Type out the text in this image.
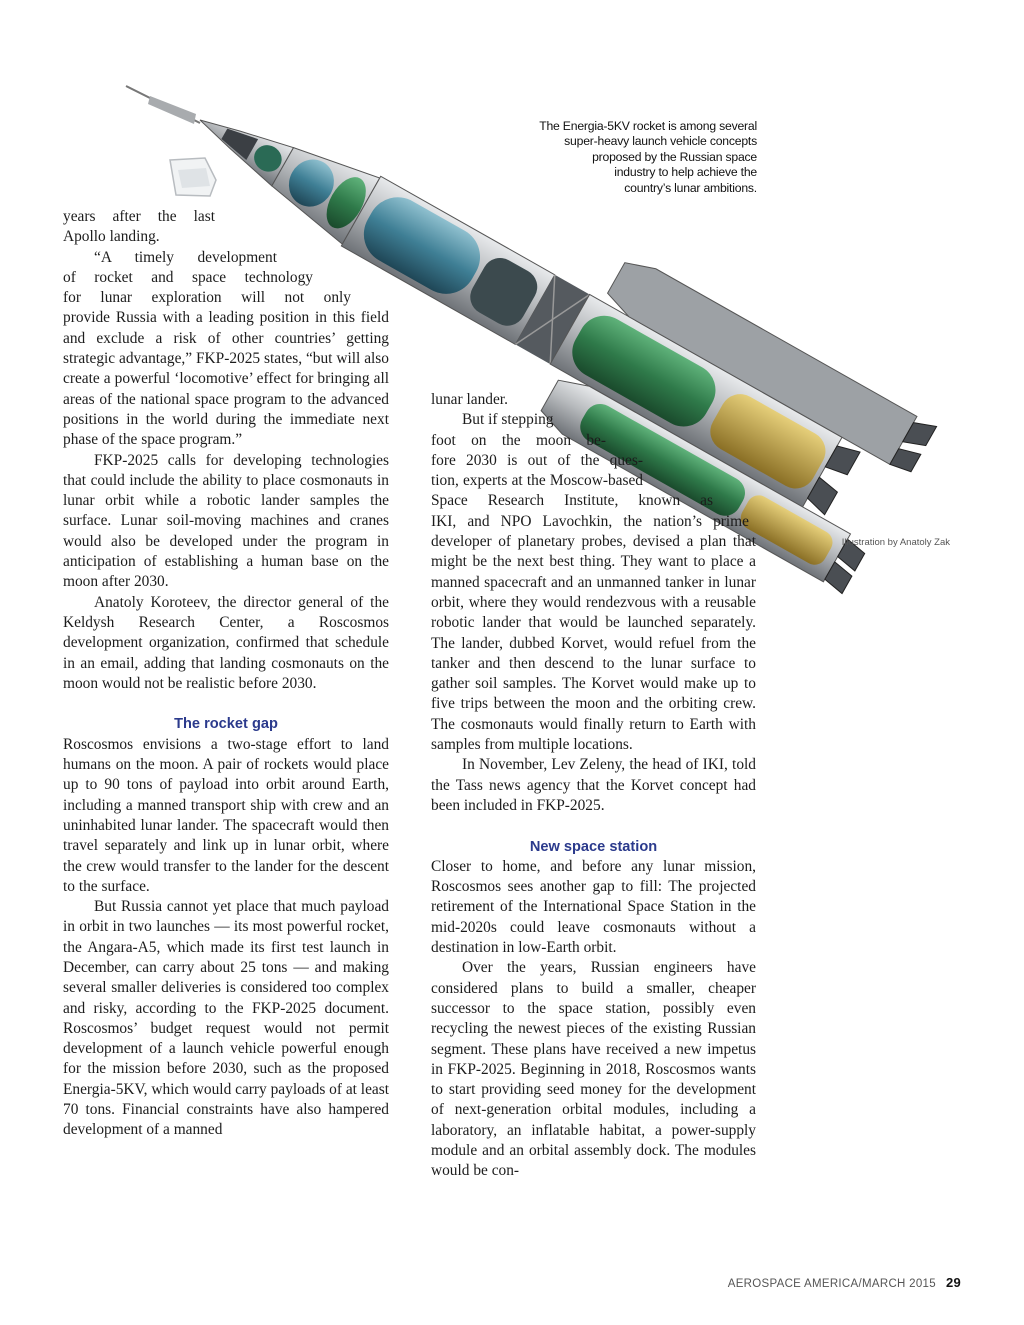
The Energia-5KV rocket is among several
super-heavy launch vehicle concepts
proposed by the Russian space
industry to help achieve the
country’s lunar ambitions.
Illustration by Anatoly Zak

years after the last

Apollo landing.

“A timely development

of rocket and space technology

for lunar exploration will not only

provide Russia with a leading position in this field and exclude a risk of other countries’ getting strategic advantage,” FKP-2025 states, “but will also create a powerful ‘locomotive’ effect for bringing all areas of the national space program to the advanced positions in the world during the immediate next phase of the space program.”

FKP-2025 calls for developing technologies that could include the ability to place cosmonauts in lunar orbit while a robotic lander samples the surface. Lunar soil-moving machines and cranes would also be developed under the program in anticipation of establishing a human base on the moon after 2030.

Anatoly Koroteev, the director general of the Keldysh Research Center, a Roscosmos development organization, confirmed that schedule in an email, adding that landing cosmonauts on the moon would not be realistic before 2030.

The rocket gap

Roscosmos envisions a two-stage effort to land humans on the moon. A pair of rockets would place up to 90 tons of payload into orbit around Earth, including a manned transport ship with crew and an uninhabited lunar lander. The spacecraft would then travel separately and link up in lunar orbit, where the crew would transfer to the lander for the descent to the surface.

But Russia cannot yet place that much payload in orbit in two launches — its most powerful rocket, the Angara-A5, which made its first test launch in December, can carry about 25 tons — and making several smaller deliveries is considered too complex and risky, according to the FKP-2025 document. Roscosmos’ budget request would not permit development of a launch vehicle powerful enough for the mission before 2030, such as the proposed Energia-5KV, which would carry payloads of at least 70 tons. Financial constraints have also hampered development of a manned

lunar lander.

But if stepping

foot on the moon be-

fore 2030 is out of the ques-

tion, experts at the Moscow-based

Space Research Institute, known as

IKI, and NPO Lavochkin, the nation’s prime

developer of planetary probes, devised a plan that might be the next best thing. They want to place a manned spacecraft and an unmanned tanker in lunar orbit, where they would rendezvous with a reusable robotic lander that would be launched separately. The lander, dubbed Korvet, would refuel from the tanker and then descend to the lunar surface to gather soil samples. The Korvet would make up to five trips between the moon and the orbiting crew. The cosmonauts would finally return to Earth with samples from multiple locations.

In November, Lev Zeleny, the head of IKI, told the Tass news agency that the Korvet concept had been included in FKP-2025.

New space station

Closer to home, and before any lunar mission, Roscosmos sees another gap to fill: The projected retirement of the International Space Station in the mid-2020s could leave cosmonauts without a destination in low-Earth orbit.

Over the years, Russian engineers have considered plans to build a smaller, cheaper successor to the space station, possibly even recycling the newest pieces of the existing Russian segment. These plans have received a new impetus in FKP-2025. Beginning in 2018, Roscosmos wants to start providing seed money for the development of next-generation orbital modules, including a laboratory, an inflatable habitat, a power-supply module and an orbital assembly dock. The modules would be con-

AEROSPACE AMERICA/MARCH 2015 29
